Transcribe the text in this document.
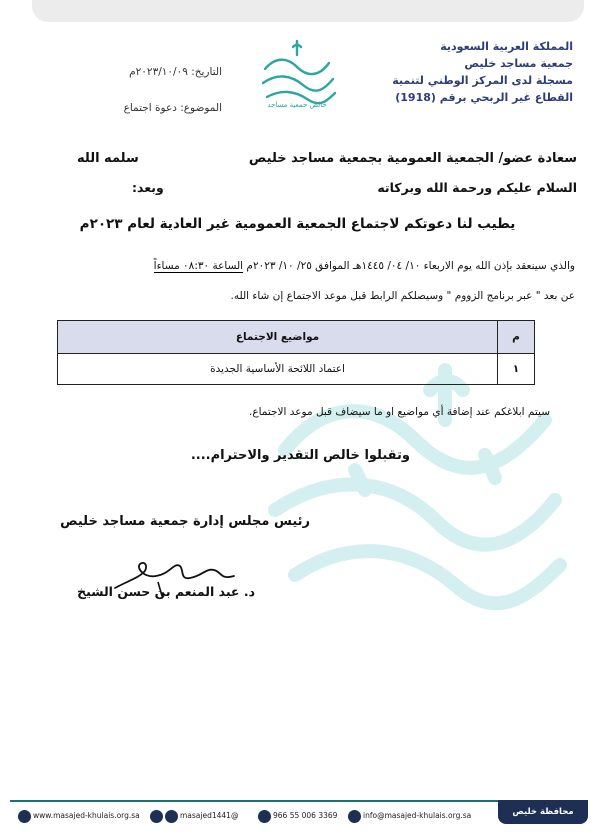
المملكة العربية السعودية
جمعية مساجد خليص
مسجلة لدى المركز الوطني لتنمية
القطاع غير الربحي برقم (1918)
خالص جمعية مساجد
التاريخ: ٢٠٢٣/١٠/٠٩م
الموضوع: دعوة اجتماع
سعادة عضو/ الجمعية العمومية بجمعية مساجد خليص
سلمه الله
السلام عليكم ورحمة الله وبركاته
وبعد:
يطيب لنا دعوتكم لاجتماع الجمعية العمومية غير العادية لعام ٢٠٢٣م
والذي سينعقد بإذن الله يوم الاربعاء ١٠/ ٠٤/ ١٤٤٥هـ الموافق ٢٥/ ١٠/ ٢٠٢٣م الساعة ٠٨:٣٠ مساءاً
عن بعد " عبر برنامج الزووم " وسيصلكم الرابط قبل موعد الاجتماع إن شاء الله.
م	مواضيع الاجتماع
١	اعتماد اللائحة الأساسية الجديدة
سيتم ابلاغكم عند إضافة أي مواضيع او ما سيضاف قبل موعد الاجتماع.
وتقبلوا خالص التقدير والاحترام....
رئيس مجلس إدارة جمعية مساجد خليص
د. عبد المنعم بن حسن الشيخ
www.masajed-khulais.org.sa	masajed1441@	966 55 006 3369	info@masajed-khulais.org.sa	محافظة خليص
